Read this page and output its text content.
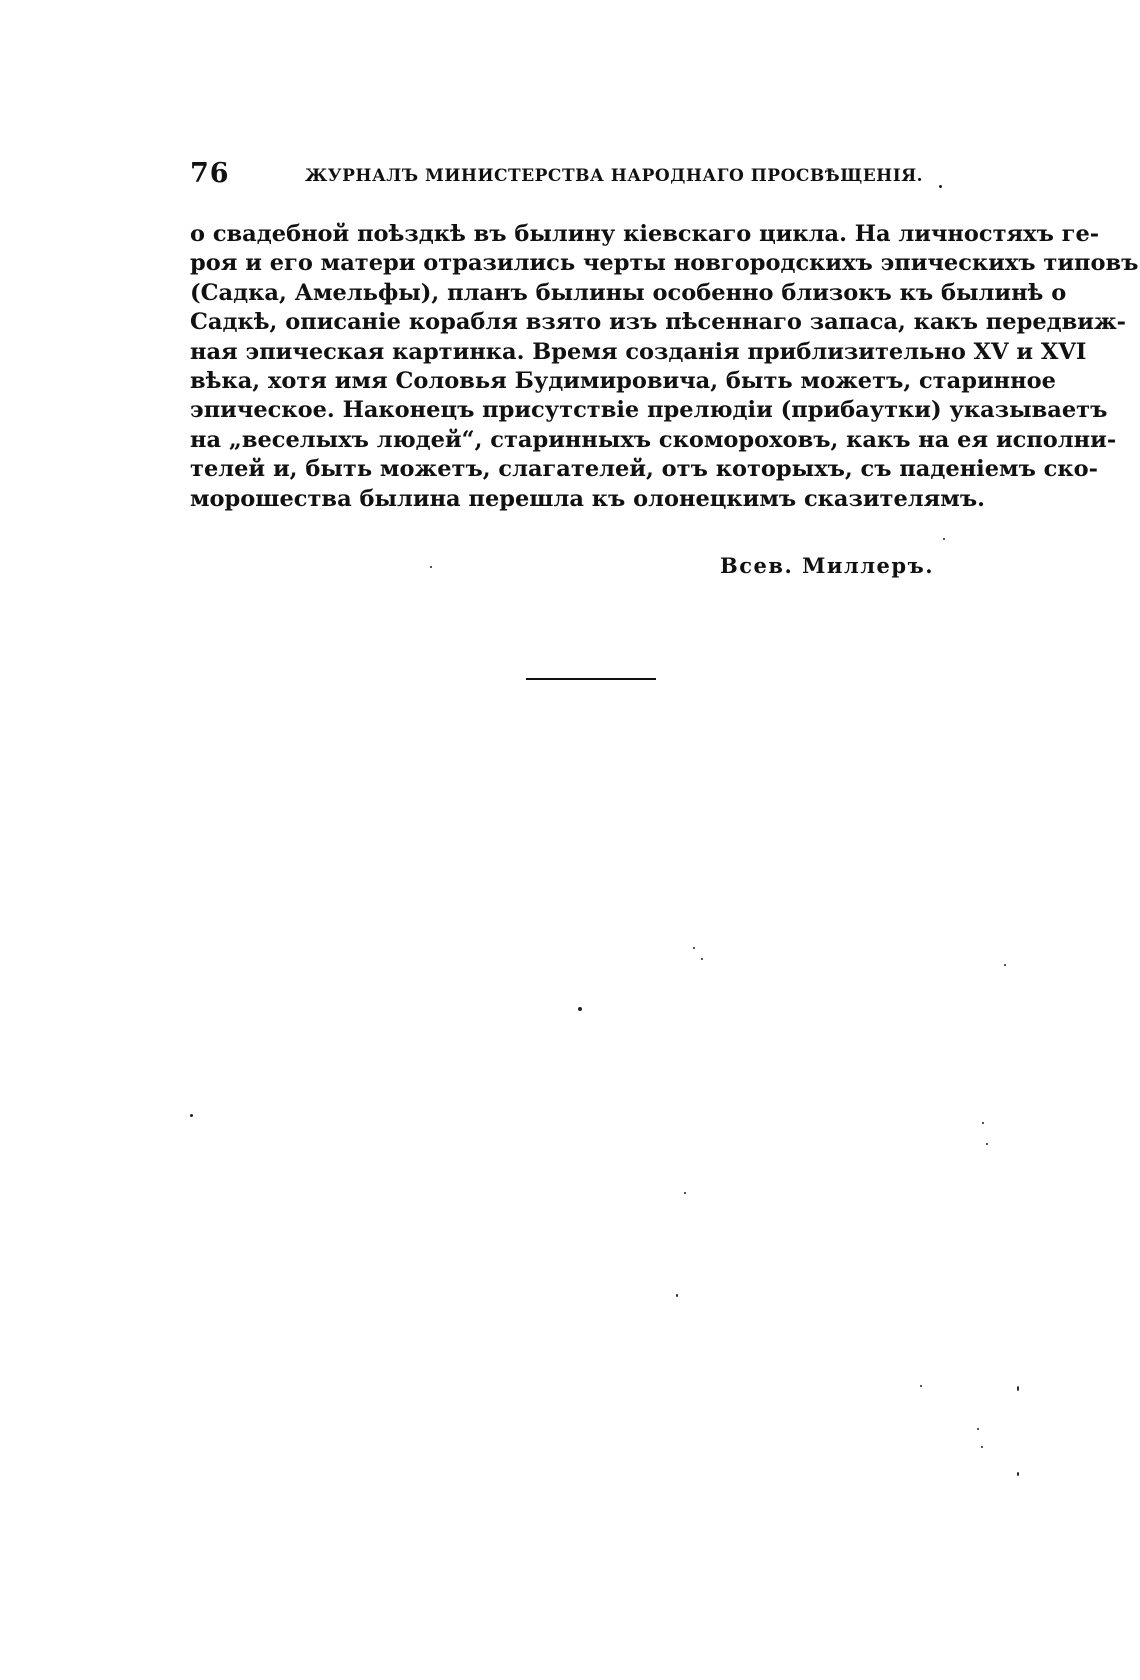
76	ЖУРНАЛЪ МИНИСТЕРСТВА НАРОДНАГО ПРОСВѢЩЕНІЯ.
о свадебной поѣздкѣ въ былину кіевскаго цикла. На личностяхъ ге-
роя и его матери отразились черты новгородскихъ эпическихъ типовъ
(Садка, Амельфы), планъ былины особенно близокъ къ былинѣ о
Садкѣ, описаніе корабля взято изъ пѣсеннаго запаса, какъ передвиж-
ная эпическая картинка. Время созданія приблизительно XV и XVI
вѣка, хотя имя Соловья Будимировича, быть можетъ, старинное
эпическое. Наконецъ присутствіе прелюдіи (прибаутки) указываетъ
на „веселыхъ людей“, старинныхъ скомороховъ, какъ на ея исполни-
телей и, быть можетъ, слагателей, отъ которыхъ, съ паденіемъ ско-
морошества былина перешла къ олонецкимъ сказителямъ.
Всев. Миллеръ.
